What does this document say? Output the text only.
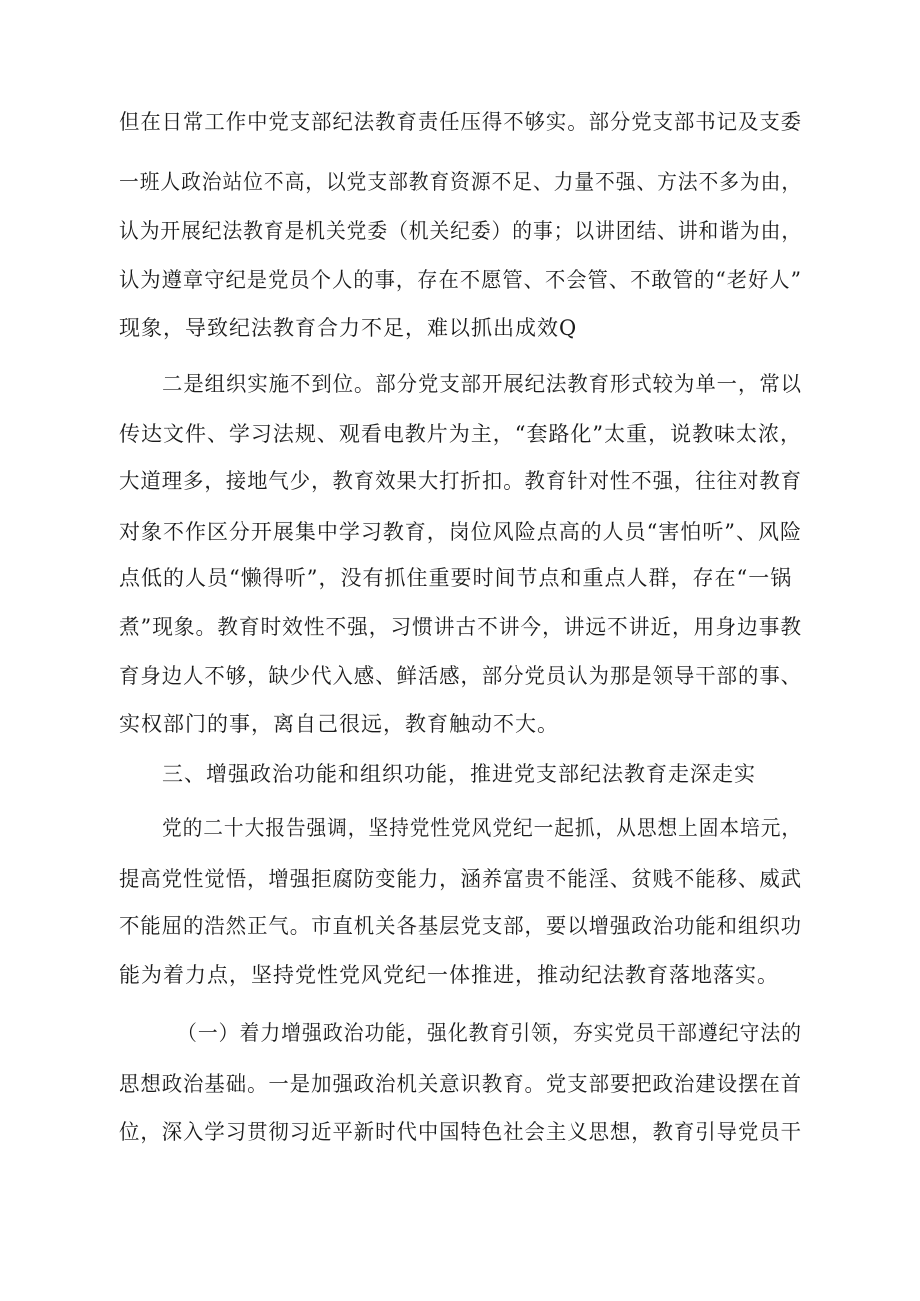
但在日常工作中党支部纪法教育责任压得不够实。部分党支部书记及支委
一班人政治站位不高，以党支部教育资源不足、力量不强、方法不多为由，
认为开展纪法教育是机关党委（机关纪委）的事；以讲团结、讲和谐为由，
认为遵章守纪是党员个人的事，存在不愿管、不会管、不敢管的“老好人”
现象，导致纪法教育合力不足，难以抓出成效Q
二是组织实施不到位。部分党支部开展纪法教育形式较为单一，常以
传达文件、学习法规、观看电教片为主，“套路化”太重，说教味太浓，
大道理多，接地气少，教育效果大打折扣。教育针对性不强，往往对教育
对象不作区分开展集中学习教育，岗位风险点高的人员“害怕听”、风险
点低的人员“懒得听”，没有抓住重要时间节点和重点人群，存在“一锅
煮”现象。教育时效性不强，习惯讲古不讲今，讲远不讲近，用身边事教
育身边人不够，缺少代入感、鲜活感，部分党员认为那是领导干部的事、
实权部门的事，离自己很远，教育触动不大。
三、增强政治功能和组织功能，推进党支部纪法教育走深走实
党的二十大报告强调，坚持党性党风党纪一起抓，从思想上固本培元，
提高党性觉悟，增强拒腐防变能力，涵养富贵不能淫、贫贱不能移、威武
不能屈的浩然正气。市直机关各基层党支部，要以增强政治功能和组织功
能为着力点，坚持党性党风党纪一体推进，推动纪法教育落地落实。
（一）着力增强政治功能，强化教育引领，夯实党员干部遵纪守法的
思想政治基础。一是加强政治机关意识教育。党支部要把政治建设摆在首
位，深入学习贯彻习近平新时代中国特色社会主义思想，教育引导党员干
